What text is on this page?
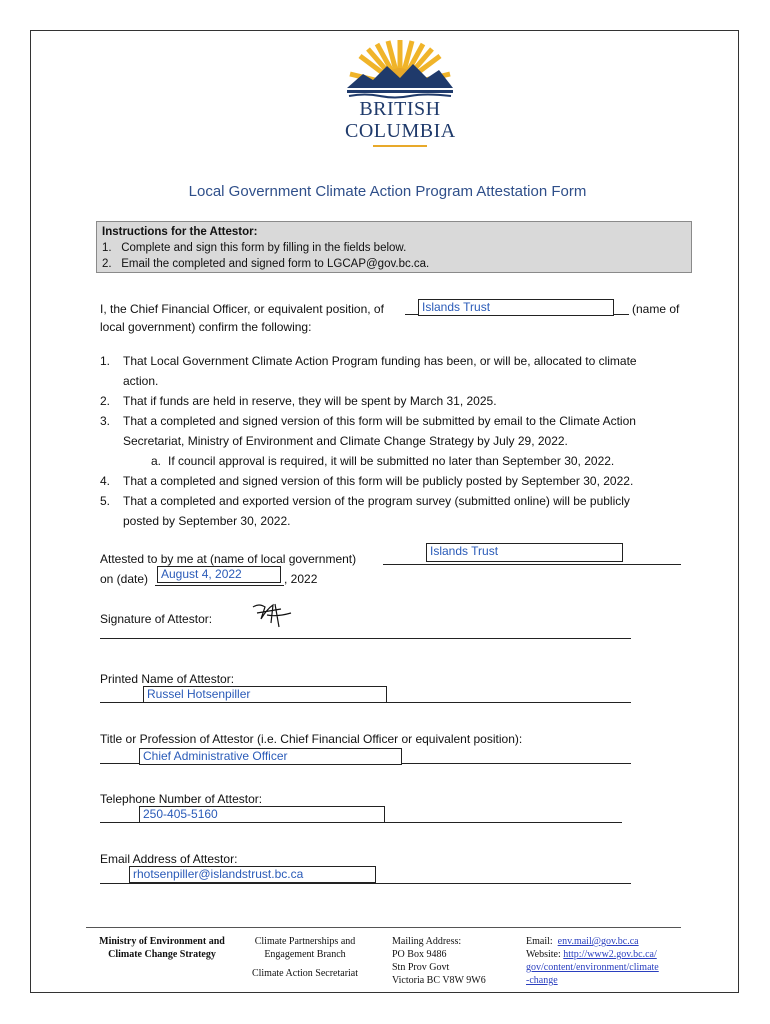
BRITISH
COLUMBIA
Local Government Climate Action Program Attestation Form
Instructions for the Attestor:
1.   Complete and sign this form by filling in the fields below.
2.   Email the completed and signed form to LGCAP@gov.bc.ca.
I, the Chief Financial Officer, or equivalent position, of	Islands Trust	(name of
local government) confirm the following:
1. That Local Government Climate Action Program funding has been, or will be, allocated to climate
action.
2. That if funds are held in reserve, they will be spent by March 31, 2025.
3. That a completed and signed version of this form will be submitted by email to the Climate Action
Secretariat, Ministry of Environment and Climate Change Strategy by July 29, 2022.
a. If council approval is required, it will be submitted no later than September 30, 2022.
4. That a completed and signed version of this form will be publicly posted by September 30, 2022.
5. That a completed and exported version of the program survey (submitted online) will be publicly
posted by September 30, 2022.
Attested to by me at (name of local government)
Islands Trust
on (date)	August 4, 2022	, 2022
Signature of Attestor:
Printed Name of Attestor:
Russel Hotsenpiller
Title or Profession of Attestor (i.e. Chief Financial Officer or equivalent position):
Chief Administrative Officer
Telephone Number of Attestor:
250-405-5160
Email Address of Attestor:
rhotsenpiller@islandstrust.bc.ca
Ministry of Environment and
Climate Change Strategy
Climate Partnerships and
Engagement Branch
Climate Action Secretariat
Mailing Address:
PO Box 9486
Stn Prov Govt
Victoria BC V8W 9W6
Email: env.mail@gov.bc.ca
Website: http://www2.gov.bc.ca/
gov/content/environment/climate
-change
